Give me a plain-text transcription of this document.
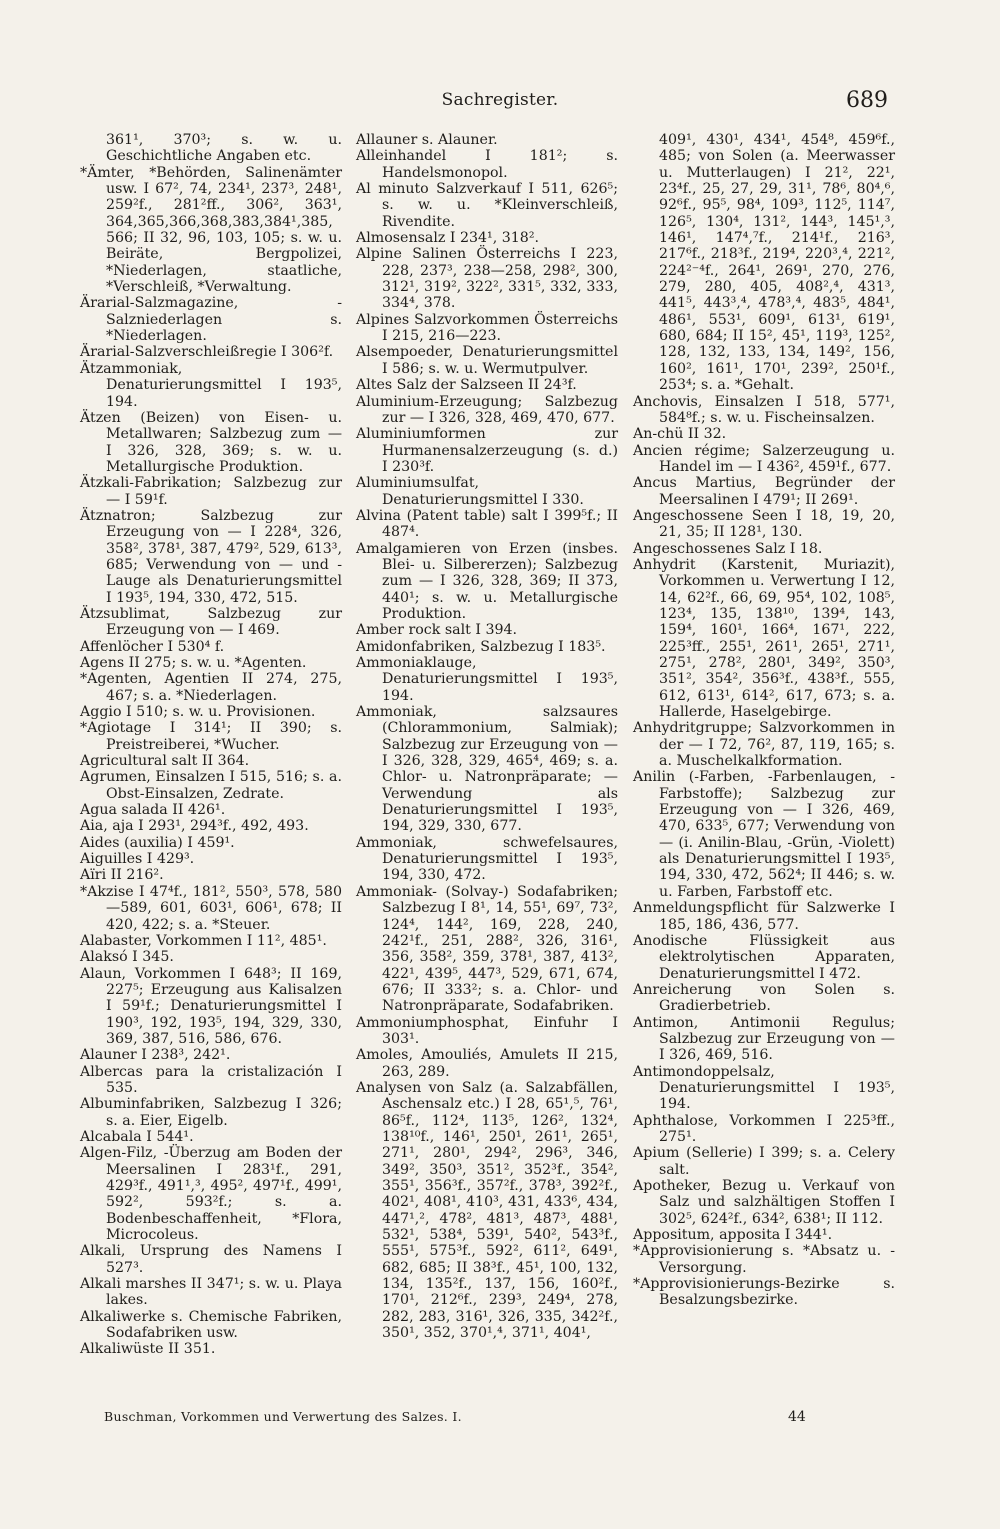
Sachregister.	689

361¹, 370³; s. w. u. Geschichtliche Angaben etc.

*Ämter, *Behörden, Salinenämter usw. I 67², 74, 234¹, 237³, 248¹, 259²f., 281²ff., 306², 363¹, 364,365,366,368,383,384¹,385, 566; II 32, 96, 103, 105; s. w. u. Beiräte, Bergpolizei, *Niederlagen, staatliche, *Verschleiß, *Verwaltung.

Ärarial-Salzmagazine, -Salzniederlagen s. *Niederlagen.

Ärarial-Salzverschleißregie I 306²f.

Ätzammoniak, Denaturierungsmittel I 193⁵, 194.

Ätzen (Beizen) von Eisen- u. Metallwaren; Salzbezug zum — I 326, 328, 369; s. w. u. Metallurgische Produktion.

Ätzkali-Fabrikation; Salzbezug zur — I 59¹f.

Ätznatron; Salzbezug zur Erzeugung von — I 228⁴, 326, 358², 378¹, 387, 479², 529, 613³, 685; Verwendung von — und -Lauge als Denaturierungsmittel I 193⁵, 194, 330, 472, 515.

Ätzsublimat, Salzbezug zur Erzeugung von — I 469.

Affenlöcher I 530⁴ f.

Agens II 275; s. w. u. *Agenten.

*Agenten, Agentien II 274, 275, 467; s. a. *Niederlagen.

Aggio I 510; s. w. u. Provisionen.

*Agiotage I 314¹; II 390; s. Preistreiberei, *Wucher.

Agricultural salt II 364.

Agrumen, Einsalzen I 515, 516; s. a. Obst-Einsalzen, Zedrate.

Agua salada II 426¹.

Aia, aja I 293¹, 294³f., 492, 493.

Aides (auxilia) I 459¹.

Aiguilles I 429³.

Aïri II 216².

*Akzise I 47⁴f., 181², 550³, 578, 580—589, 601, 603¹, 606¹, 678; II 420, 422; s. a. *Steuer.

Alabaster, Vorkommen I 11², 485¹.

Alaksó I 345.

Alaun, Vorkommen I 648³; II 169, 227⁵; Erzeugung aus Kalisalzen I 59¹f.; Denaturierungsmittel I 190³, 192, 193⁵, 194, 329, 330, 369, 387, 516, 586, 676.

Alauner I 238³, 242¹.

Albercas para la cristalización I 535.

Albuminfabriken, Salzbezug I 326; s. a. Eier, Eigelb.

Alcabala I 544¹.

Algen-Filz, -Überzug am Boden der Meersalinen I 283¹f., 291, 429³f., 491¹,³, 495², 497¹f., 499¹, 592², 593²f.; s. a. Bodenbeschaffenheit, *Flora, Microcoleus.

Alkali, Ursprung des Namens I 527³.

Alkali marshes II 347¹; s. w. u. Playa lakes.

Alkaliwerke s. Chemische Fabriken, Sodafabriken usw.

Alkaliwüste II 351.

Allauner s. Alauner.

Alleinhandel I 181²; s. Handelsmonopol.

Al minuto Salzverkauf I 511, 626⁵; s. w. u. *Kleinverschleiß, Rivendite.

Almosensalz I 234¹, 318².

Alpine Salinen Österreichs I 223, 228, 237³, 238—258, 298², 300, 312¹, 319², 322², 331⁵, 332, 333, 334⁴, 378.

Alpines Salzvorkommen Österreichs I 215, 216—223.

Alsempoeder, Denaturierungsmittel I 586; s. w. u. Wermutpulver.

Altes Salz der Salzseen II 24³f.

Aluminium-Erzeugung; Salzbezug zur — I 326, 328, 469, 470, 677.

Aluminiumformen zur Hurmanensalzerzeugung (s. d.) I 230³f.

Aluminiumsulfat, Denaturierungsmittel I 330.

Alvina (Patent table) salt I 399⁵f.; II 487⁴.

Amalgamieren von Erzen (insbes. Blei- u. Silbererzen); Salzbezug zum — I 326, 328, 369; II 373, 440¹; s. w. u. Metallurgische Produktion.

Amber rock salt I 394.

Amidonfabriken, Salzbezug I 183⁵.

Ammoniaklauge, Denaturierungsmittel I 193⁵, 194.

Ammoniak, salzsaures (Chlorammonium, Salmiak); Salzbezug zur Erzeugung von — I 326, 328, 329, 465⁴, 469; s. a. Chlor- u. Natronpräparate; — Verwendung als Denaturierungsmittel I 193⁵, 194, 329, 330, 677.

Ammoniak, schwefelsaures, Denaturierungsmittel I 193⁵, 194, 330, 472.

Ammoniak- (Solvay-) Sodafabriken; Salzbezug I 8¹, 14, 55¹, 69⁷, 73², 124⁴, 144², 169, 228, 240, 242¹f., 251, 288², 326, 316¹, 356, 358², 359, 378¹, 387, 413², 422¹, 439⁵, 447³, 529, 671, 674, 676; II 333²; s. a. Chlor- und Natronpräparate, Sodafabriken.

Ammoniumphosphat, Einfuhr I 303¹.

Amoles, Amouliés, Amulets II 215, 263, 289.

Analysen von Salz (a. Salzabfällen, Aschensalz etc.) I 28, 65¹,⁵, 76¹, 86⁵f., 112⁴, 113⁵, 126², 132⁴, 138¹⁰f., 146¹, 250¹, 261¹, 265¹, 271¹, 280¹, 294², 296³, 346, 349², 350³, 351², 352³f., 354², 355¹, 356³f., 357²f., 378³, 392²f., 402¹, 408¹, 410³, 431, 433⁶, 434, 447¹,², 478², 481³, 487³, 488¹, 532¹, 538⁴, 539¹, 540², 543³f., 555¹, 575³f., 592², 611², 649¹, 682, 685; II 38³f., 45¹, 100, 132, 134, 135²f., 137, 156, 160²f., 170¹, 212⁶f., 239³, 249⁴, 278, 282, 283, 316¹, 326, 335, 342²f., 350¹, 352, 370¹,⁴, 371¹, 404¹,

409¹, 430¹, 434¹, 454⁸, 459⁶f., 485; von Solen (a. Meerwasser u. Mutterlaugen) I 21², 22¹, 23⁴f., 25, 27, 29, 31¹, 78⁶, 80⁴,⁶, 92⁶f., 95⁵, 98⁴, 109³, 112⁵, 114⁷, 126⁵, 130⁴, 131², 144³, 145¹,³, 146¹, 147⁴,⁷f., 214¹f., 216³, 217⁶f., 218³f., 219⁴, 220³,⁴, 221², 224²⁻⁴f., 264¹, 269¹, 270, 276, 279, 280, 405, 408²,⁴, 431³, 441⁵, 443³,⁴, 478³,⁴, 483⁵, 484¹, 486¹, 553¹, 609¹, 613¹, 619¹, 680, 684; II 15², 45¹, 119³, 125², 128, 132, 133, 134, 149², 156, 160², 161¹, 170¹, 239², 250¹f., 253⁴; s. a. *Gehalt.

Anchovis, Einsalzen I 518, 577¹, 584⁸f.; s. w. u. Fischeinsalzen.

An-chü II 32.

Ancien régime; Salzerzeugung u. Handel im — I 436², 459¹f., 677.

Ancus Martius, Begründer der Meersalinen I 479¹; II 269¹.

Angeschossene Seen I 18, 19, 20, 21, 35; II 128¹, 130.

Angeschossenes Salz I 18.

Anhydrit (Karstenit, Muriazit), Vorkommen u. Verwertung I 12, 14, 62²f., 66, 69, 95⁴, 102, 108⁵, 123⁴, 135, 138¹⁰, 139⁴, 143, 159⁴, 160¹, 166⁴, 167¹, 222, 225³ff., 255¹, 261¹, 265¹, 271¹, 275¹, 278², 280¹, 349², 350³, 351², 354², 356³f., 438³f., 555, 612, 613¹, 614², 617, 673; s. a. Hallerde, Haselgebirge.

Anhydritgruppe; Salzvorkommen in der — I 72, 76², 87, 119, 165; s. a. Muschelkalkformation.

Anilin (-Farben, -Farbenlaugen, -Farbstoffe); Salzbezug zur Erzeugung von — I 326, 469, 470, 633⁵, 677; Verwendung von — (i. Anilin-Blau, -Grün, -Violett) als Denaturierungsmittel I 193⁵, 194, 330, 472, 562⁴; II 446; s. w. u. Farben, Farbstoff etc.

Anmeldungspflicht für Salzwerke I 185, 186, 436, 577.

Anodische Flüssigkeit aus elektrolytischen Apparaten, Denaturierungsmittel I 472.

Anreicherung von Solen s. Gradierbetrieb.

Antimon, Antimonii Regulus; Salzbezug zur Erzeugung von — I 326, 469, 516.

Antimondoppelsalz, Denaturierungsmittel I 193⁵, 194.

Aphthalose, Vorkommen I 225³ff., 275¹.

Apium (Sellerie) I 399; s. a. Celery salt.

Apotheker, Bezug u. Verkauf von Salz und salzhältigen Stoffen I 302⁵, 624²f., 634², 638¹; II 112.

Appositum, apposita I 344¹.

*Approvisionierung s. *Absatz u. -Versorgung.

*Approvisionierungs-Bezirke s. Besalzungsbezirke.

Buschman, Vorkommen und Verwertung des Salzes. I.	44
